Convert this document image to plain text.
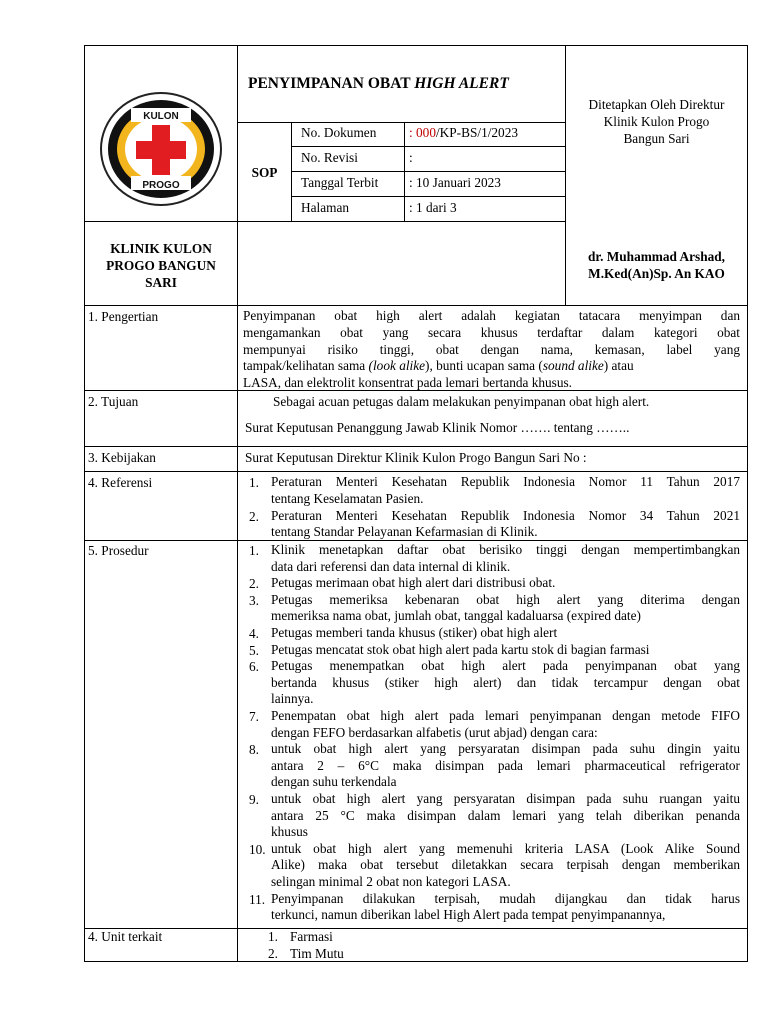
KULON
PROGO
PENYIMPANAN OBAT HIGH ALERT
SOP
No. Dokumen : 000/KP-BS/1/2023
No. Revisi	:
Tanggal Terbit : 10 Januari 2023
Halaman	: 1 dari 3
Ditetapkan Oleh Direktur
Klinik Kulon Progo
Bangun Sari
KLINIK KULON
PROGO BANGUN
SARI
dr. Muhammad Arshad,
M.Ked(An)Sp. An KAO
1. Pengertian
2. Tujuan
3. Kebijakan
4. Referensi
5. Prosedur
4. Unit terkait
Penyimpanan obat high alert adalah kegiatan tatacara menyimpan dan
mengamankan obat yang secara khusus terdaftar dalam kategori obat
mempunyai risiko tinggi, obat dengan nama, kemasan, label yang
tampak/kelihatan sama (look alike), bunti ucapan sama (sound alike) atau
LASA, dan elektrolit konsentrat pada lemari bertanda khusus.
Sebagai acuan petugas dalam melakukan penyimpanan obat high alert.
Surat Keputusan Penanggung Jawab Klinik Nomor ……. tentang ……..
Surat Keputusan Direktur Klinik Kulon Progo Bangun Sari No :
1. Peraturan Menteri Kesehatan Republik Indonesia Nomor 11 Tahun 2017
tentang Keselamatan Pasien.
2. Peraturan Menteri Kesehatan Republik Indonesia Nomor 34 Tahun 2021
tentang Standar Pelayanan Kefarmasian di Klinik.
1. Klinik menetapkan daftar obat berisiko tinggi dengan mempertimbangkan
data dari referensi dan data internal di klinik.
2. Petugas merimaan obat high alert dari distribusi obat.
3. Petugas memeriksa kebenaran obat high alert yang diterima dengan
memeriksa nama obat, jumlah obat, tanggal kadaluarsa (expired date)
4. Petugas memberi tanda khusus (stiker) obat high alert
5. Petugas mencatat stok obat high alert pada kartu stok di bagian farmasi
6. Petugas menempatkan obat high alert pada penyimpanan obat yang
bertanda khusus (stiker high alert) dan tidak tercampur dengan obat
lainnya.
7. Penempatan obat high alert pada lemari penyimpanan dengan metode FIFO
dengan FEFO berdasarkan alfabetis (urut abjad) dengan cara:
8. untuk obat high alert yang persyaratan disimpan pada suhu dingin yaitu
antara 2 – 6°C maka disimpan pada lemari pharmaceutical refrigerator
dengan suhu terkendala
9. untuk obat high alert yang persyaratan disimpan pada suhu ruangan yaitu
antara 25 °C maka disimpan dalam lemari yang telah diberikan penanda
khusus
10. untuk obat high alert yang memenuhi kriteria LASA (Look Alike Sound
Alike) maka obat tersebut diletakkan secara terpisah dengan memberikan
selingan minimal 2 obat non kategori LASA.
11. Penyimpanan dilakukan terpisah, mudah dijangkau dan tidak harus
terkunci, namun diberikan label High Alert pada tempat penyimpanannya,
1. Farmasi
2. Tim Mutu
